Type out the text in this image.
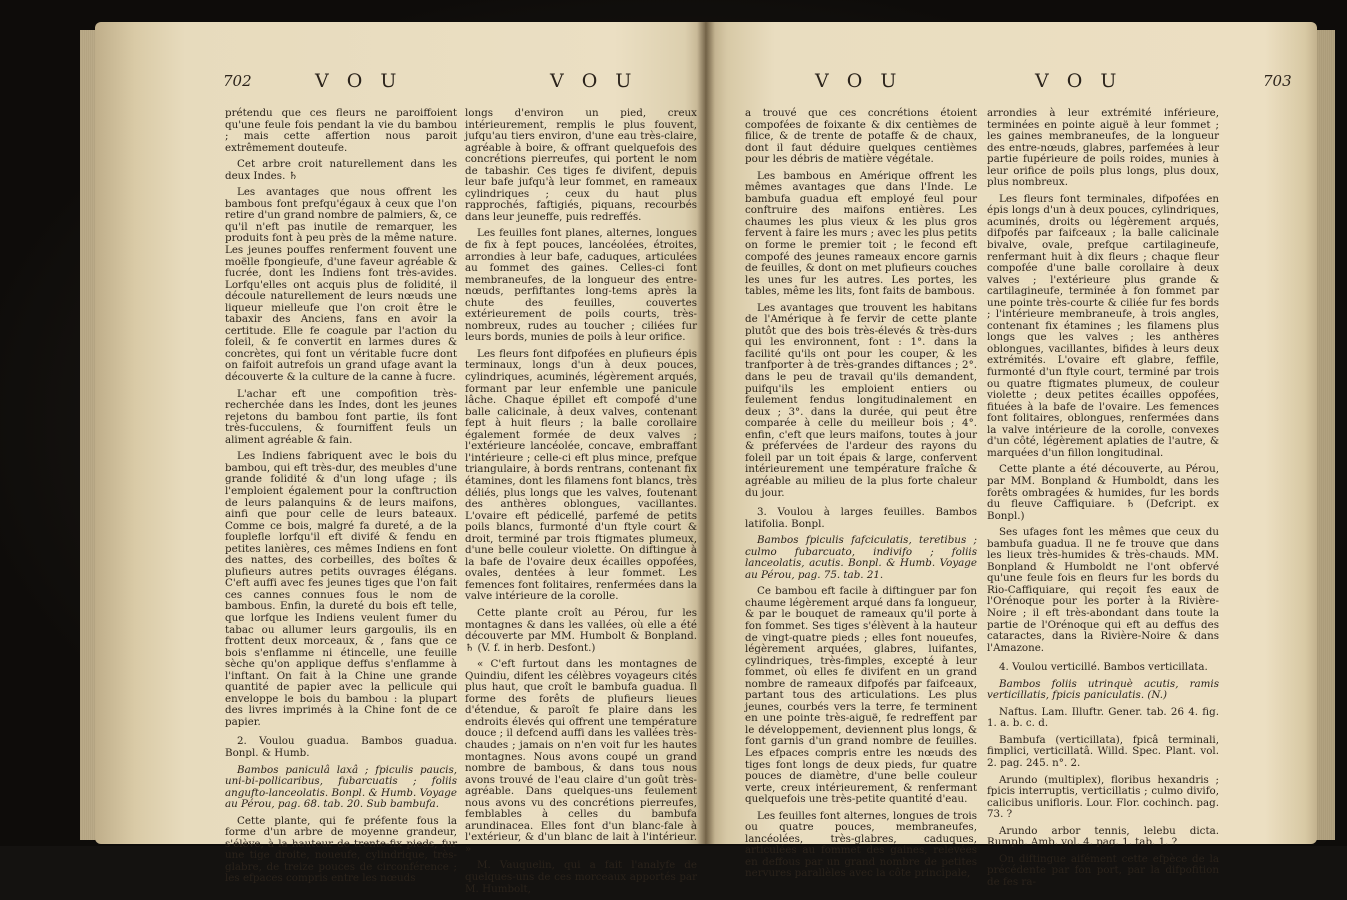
702	V O U	V O U

prétendu que ces fleurs ne paroiffoient qu'une feule fois pendant la vie du bambou ; mais cette affertion nous paroit extrêmement douteufe.

Cet arbre croit naturellement dans les deux Indes. ♄

Les avantages que nous offrent les bambous font prefqu'égaux à ceux que l'on retire d'un grand nombre de palmiers, &, ce qu'il n'eft pas inutile de remarquer, les produits font à peu près de la même nature. Les jeunes pouffes renferment fouvent une moëlle fpongieufe, d'une faveur agréable & fucrée, dont les Indiens font très-avides. Lorfqu'elles ont acquis plus de folidité, il découle naturellement de leurs nœuds une liqueur mielleufe que l'on croit être le tabaxir des Anciens, fans en avoir la certitude. Elle fe coagule par l'action du foleil, & fe convertit en larmes dures & concrètes, qui font un véritable fucre dont on faifoit autrefois un grand ufage avant la découverte & la culture de la canne à fucre.

L'achar eft une compofition très-recherchée dans les Indes, dont les jeunes rejetons du bambou font partie, ils font très-fucculens, & fourniffent feuls un aliment agréable & fain.

Les Indiens fabriquent avec le bois du bambou, qui eft très-dur, des meubles d'une grande folidité & d'un long ufage ; ils l'emploient également pour la conftruction de leurs palanquins & de leurs maifons, ainfi que pour celle de leurs bateaux. Comme ce bois, malgré fa dureté, a de la fouplefle lorfqu'il eft divifé & fendu en petites lanières, ces mêmes Indiens en font des nattes, des corbeilles, des boîtes & plufieurs autres petits ouvrages élégans. C'eft auffi avec fes jeunes tiges que l'on fait ces cannes connues fous le nom de bambous. Enfin, la dureté du bois eft telle, que lorfque les Indiens veulent fumer du tabac ou allumer leurs gargoulis, ils en frottent deux morceaux, & , fans que ce bois s'enflamme ni étincelle, une feuille sèche qu'on applique deffus s'enflamme à l'inftant. On fait à la Chine une grande quantité de papier avec la pellicule qui enveloppe le bois du bambou : la plupart des livres imprimés à la Chine font de ce papier.

2. Voulou guadua. Bambos guadua. Bonpl. & Humb.

Bambos paniculâ laxâ ; fpiculis paucis, uni-bi-pollicaribus, fubarcuatis ; foliis angufto-lanceolatis. Bonpl. & Humb. Voyage au Pérou, pag. 68. tab. 20. Sub bambufa.

Cette plante, qui fe préfente fous la forme d'un arbre de moyenne grandeur, s'élève, à la hauteur de trente-fix pieds, fur une tige droite, noueufe, cylindrique, très-glabre, de treize pouces de circonférence ; les efpaces compris entre les nœuds

longs d'environ un pied, creux intérieurement, remplis le plus fouvent, jufqu'au tiers environ, d'une eau très-claire, agréable à boire, & offrant quelquefois des concrétions pierreufes, qui portent le nom de tabashir. Ces tiges fe divifent, depuis leur bafe jufqu'à leur fommet, en rameaux cylindriques ; ceux du haut plus rapprochés, faftigiés, piquans, recourbés dans leur jeuneffe, puis redreffés.

Les feuilles font planes, alternes, longues de fix à fept pouces, lancéolées, étroites, arrondies à leur bafe, caduques, articulées au fommet des gaines. Celles-ci font membraneufes, de la longueur des entre-nœuds, perfiftantes long-tems après la chute des feuilles, couvertes extérieurement de poils courts, très-nombreux, rudes au toucher ; ciliées fur leurs bords, munies de poils à leur orifice.

Les fleurs font difpofées en plufieurs épis terminaux, longs d'un à deux pouces, cylindriques, acuminés, légèrement arqués, formant par leur enfemble une panicule lâche. Chaque épillet eft compofé d'une balle calicinale, à deux valves, contenant fept à huit fleurs ; la balle corollaire également formée de deux valves ; l'extérieure lancéolée, concave, embraffant l'intérieure ; celle-ci eft plus mince, prefque triangulaire, à bords rentrans, contenant fix étamines, dont les filamens font blancs, très déliés, plus longs que les valves, foutenant des anthères oblongues, vacillantes. L'ovaire eft pédicellé, parfemé de petits poils blancs, furmonté d'un ftyle court & droit, terminé par trois ftigmates plumeux, d'une belle couleur violette. On diftingue à la bafe de l'ovaire deux écailles oppofées, ovales, dentées à leur fommet. Les femences font folitaires, renfermées dans la valve intérieure de la corolle.

Cette plante croît au Pérou, fur les montagnes & dans les vallées, où elle a été découverte par MM. Humbolt & Bonpland. ♄ (V. f. in herb. Desfont.)

« C'eft furtout dans les montagnes de Quindiu, difent les célèbres voyageurs cités plus haut, que croît le bambufa guadua. Il forme des forêts de plufieurs lieues d'étendue, & paroît fe plaire dans les endroits élevés qui offrent une température douce ; il defcend auffi dans les vallées très-chaudes ; jamais on n'en voit fur les hautes montagnes. Nous avons coupé un grand nombre de bambous, & dans tous nous avons trouvé de l'eau claire d'un goût très-agréable. Dans quelques-uns feulement nous avons vu des concrétions pierreufes, femblables à celles du bambufa arundinacea. Elles font d'un blanc-fale à l'extérieur, & d'un blanc de lait à l'intérieur. »

M. Vauquelin, qui a fait l'analyfe de quelques-uns de ces morceaux apportés par M. Humbolt,

V O U	V O U	703

a trouvé que ces concrétions étoient compofées de foixante & dix centièmes de filice, & de trente de potaffe & de chaux, dont il faut déduire quelques centièmes pour les débris de matière végétale.

Les bambous en Amérique offrent les mêmes avantages que dans l'Inde. Le bambufa guadua eft employé feul pour conftruire des maifons entières. Les chaumes les plus vieux & les plus gros fervent à faire les murs ; avec les plus petits on forme le premier toit ; le fecond eft compofé des jeunes rameaux encore garnis de feuilles, & dont on met plufieurs couches les unes fur les autres. Les portes, les tables, même les lits, font faits de bambous.

Les avantages que trouvent les habitans de l'Amérique à fe fervir de cette plante plutôt que des bois très-élevés & très-durs qui les environnent, font : 1°. dans la facilité qu'ils ont pour les couper, & les tranfporter à de très-grandes diftances ; 2°. dans le peu de travail qu'ils demandent, puifqu'ils les emploient entiers ou feulement fendus longitudinalement en deux ; 3°. dans la durée, qui peut être comparée à celle du meilleur bois ; 4°. enfin, c'eft que leurs maifons, toutes à jour & préfervées de l'ardeur des rayons du foleil par un toit épais & large, confervent intérieurement une température fraîche & agréable au milieu de la plus forte chaleur du jour.

3. Voulou à larges feuilles. Bambos latifolia. Bonpl.

Bambos fpiculis fafciculatis, teretibus ; culmo fubarcuato, indivifo ; foliis lanceolatis, acutis. Bonpl. & Humb. Voyage au Pérou, pag. 75. tab. 21.

Ce bambou eft facile à diftinguer par fon chaume légèrement arqué dans fa longueur, & par le bouquet de rameaux qu'il porte à fon fommet. Ses tiges s'élèvent à la hauteur de vingt-quatre pieds ; elles font noueufes, légèrement arquées, glabres, luifantes, cylindriques, très-fimples, excepté à leur fommet, où elles fe divifent en un grand nombre de rameaux difpofés par faifceaux, partant tous des articulations. Les plus jeunes, courbés vers la terre, fe terminent en une pointe très-aiguë, fe redreffent par le développement, deviennent plus longs, & font garnis d'un grand nombre de feuilles. Les efpaces compris entre les nœuds des tiges font longs de deux pieds, fur quatre pouces de diamètre, d'une belle couleur verte, creux intérieurement, & renfermant quelquefois une très-petite quantité d'eau.

Les feuilles font alternes, longues de trois ou quatre pouces, membraneufes, lancéolées, très-glabres, caduques, articulées au fommet des gaines, relevées en deffous par un grand nombre de petites nervures parallèles avec la côte principale,

arrondies à leur extrémité inférieure, terminées en pointe aiguë à leur fommet ; les gaines membraneufes, de la longueur des entre-nœuds, glabres, parfemées à leur partie fupérieure de poils roides, munies à leur orifice de poils plus longs, plus doux, plus nombreux.

Les fleurs font terminales, difpofées en épis longs d'un à deux pouces, cylindriques, acuminés, droits ou légèrement arqués, difpofés par faifceaux ; la balle calicinale bivalve, ovale, prefque cartilagineufe, renfermant huit à dix fleurs ; chaque fleur compofée d'une balle corollaire à deux valves ; l'extérieure plus grande & cartilagineufe, terminée à fon fommet par une pointe très-courte & ciliée fur fes bords ; l'intérieure membraneufe, à trois angles, contenant fix étamines ; les filamens plus longs que les valves ; les anthères oblongues, vacillantes, bifides à leurs deux extrémités. L'ovaire eft glabre, feffile, furmonté d'un ftyle court, terminé par trois ou quatre ftigmates plumeux, de couleur violette ; deux petites écailles oppofées, fituées à la bafe de l'ovaire. Les femences font folitaires, oblongues, renfermées dans la valve intérieure de la corolle, convexes d'un côté, légèrement aplaties de l'autre, & marquées d'un fillon longitudinal.

Cette plante a été découverte, au Pérou, par MM. Bonpland & Humboldt, dans les forêts ombragées & humides, fur les bords du fleuve Caffiquiare. ♄ (Defcript. ex Bonpl.)

Ses ufages font les mêmes que ceux du bambufa guadua. Il ne fe trouve que dans les lieux très-humides & très-chauds. MM. Bonpland & Humboldt ne l'ont obfervé qu'une feule fois en fleurs fur les bords du Rio-Caffiquiare, qui reçoit fes eaux de l'Orénoque pour les porter à la Rivière-Noire ; il eft très-abondant dans toute la partie de l'Orénoque qui eft au deffus des cataractes, dans la Rivière-Noire & dans l'Amazone.

4. Voulou verticillé. Bambos verticillata.

Bambos foliis utrinquè acutis, ramis verticillatis, fpicis paniculatis. (N.)

Naftus. Lam. Illuftr. Gener. tab. 26 4. fig. 1. a. b. c. d.

Bambufa (verticillata), fpicâ terminali, fimplici, verticillatâ. Willd. Spec. Plant. vol. 2. pag. 245. n°. 2.

Arundo (multiplex), floribus hexandris ; fpicis interruptis, verticillatis ; culmo divifo, calicibus unifloris. Lour. Flor. cochinch. pag. 73. ?

Arundo arbor tennis, lelebu dicta. Rumph. Amb. vol. 4. pag. 1. tab. 1. ?

On diftingue aifément cette efpèce de la précédente par fon port, par la difpofition de fes ra-
